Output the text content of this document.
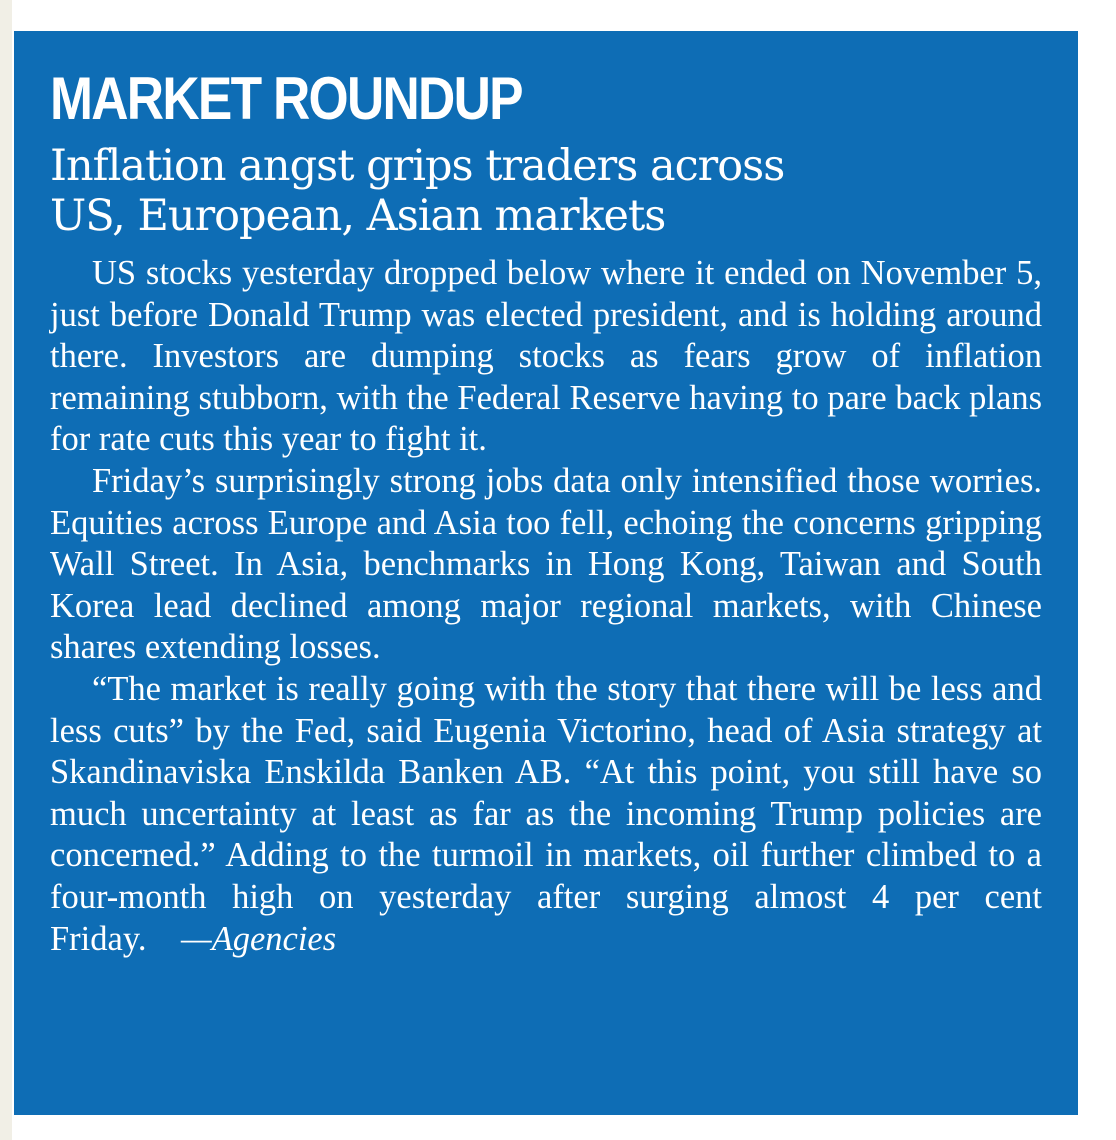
MARKET ROUNDUP
Inflation angst grips traders across
US, European, Asian markets

US stocks yesterday dropped below where it ended on November 5, just before Donald Trump was elected president, and is holding around there. Investors are dumping stocks as fears grow of inflation remaining stubborn, with the Federal Reserve having to pare back plans for rate cuts this year to fight it.

Friday’s surprisingly strong jobs data only intensified those worries. Equities across Europe and Asia too fell, echoing the concerns gripping Wall Street. In Asia, benchmarks in Hong Kong, Taiwan and South Korea lead declined among major regional markets, with Chinese shares extending losses.

“The market is really going with the story that there will be less and less cuts” by the Fed, said Eugenia Victorino, head of Asia strategy at Skandinaviska Enskilda Banken AB. “At this point, you still have so much uncertainty at least as far as the incoming Trump policies are concerned.” Adding to the turmoil in markets, oil further climbed to a four-month high on yesterday after surging almost 4 per cent Friday. —Agencies
